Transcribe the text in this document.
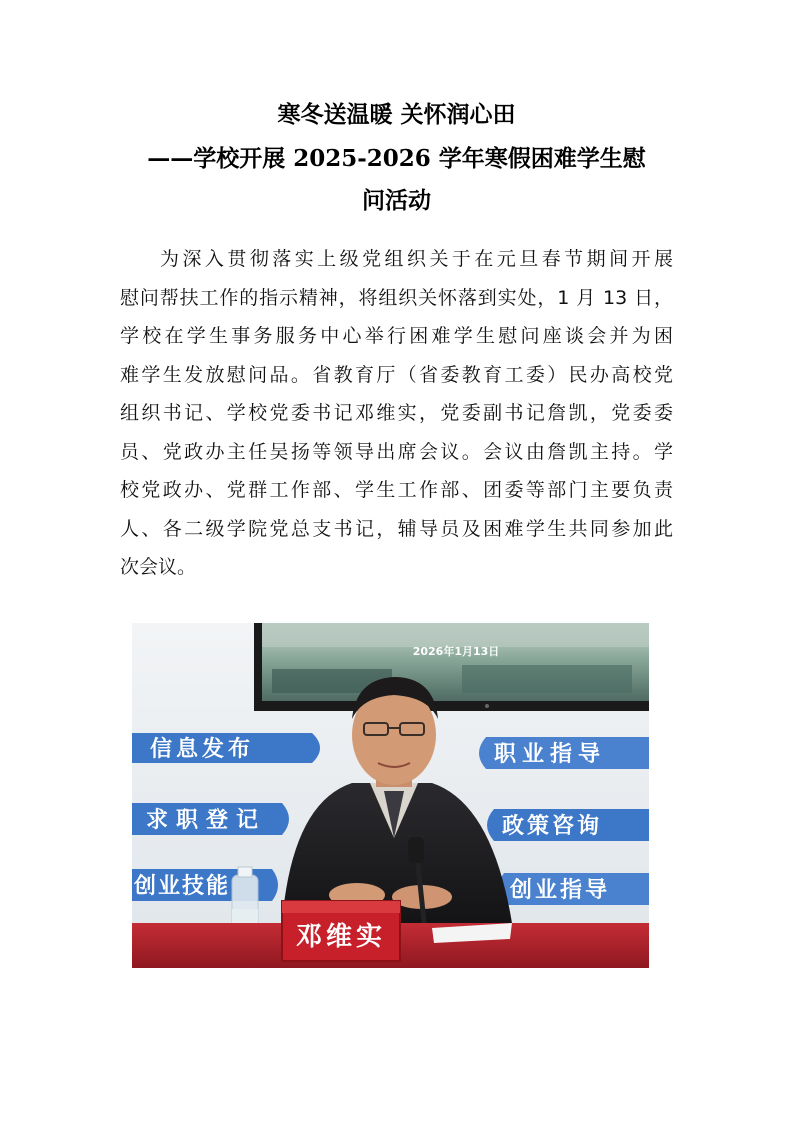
寒冬送温暖 关怀润心田
——学校开展 2025-2026 学年寒假困难学生慰
问活动
为深入贯彻落实上级党组织关于在元旦春节期间开展
慰问帮扶工作的指示精神，将组织关怀落到实处，1 月 13 日，
学校在学生事务服务中心举行困难学生慰问座谈会并为困
难学生发放慰问品。省教育厅（省委教育工委）民办高校党
组织书记、学校党委书记邓维实，党委副书记詹凯，党委委
员、党政办主任吴扬等领导出席会议。会议由詹凯主持。学
校党政办、党群工作部、学生工作部、团委等部门主要负责
人、各二级学院党总支书记，辅导员及困难学生共同参加此
次会议。
2026年1月13日
信息发布
求职登记
创业技能
职业指导
政策咨询
创业指导
邓维实
